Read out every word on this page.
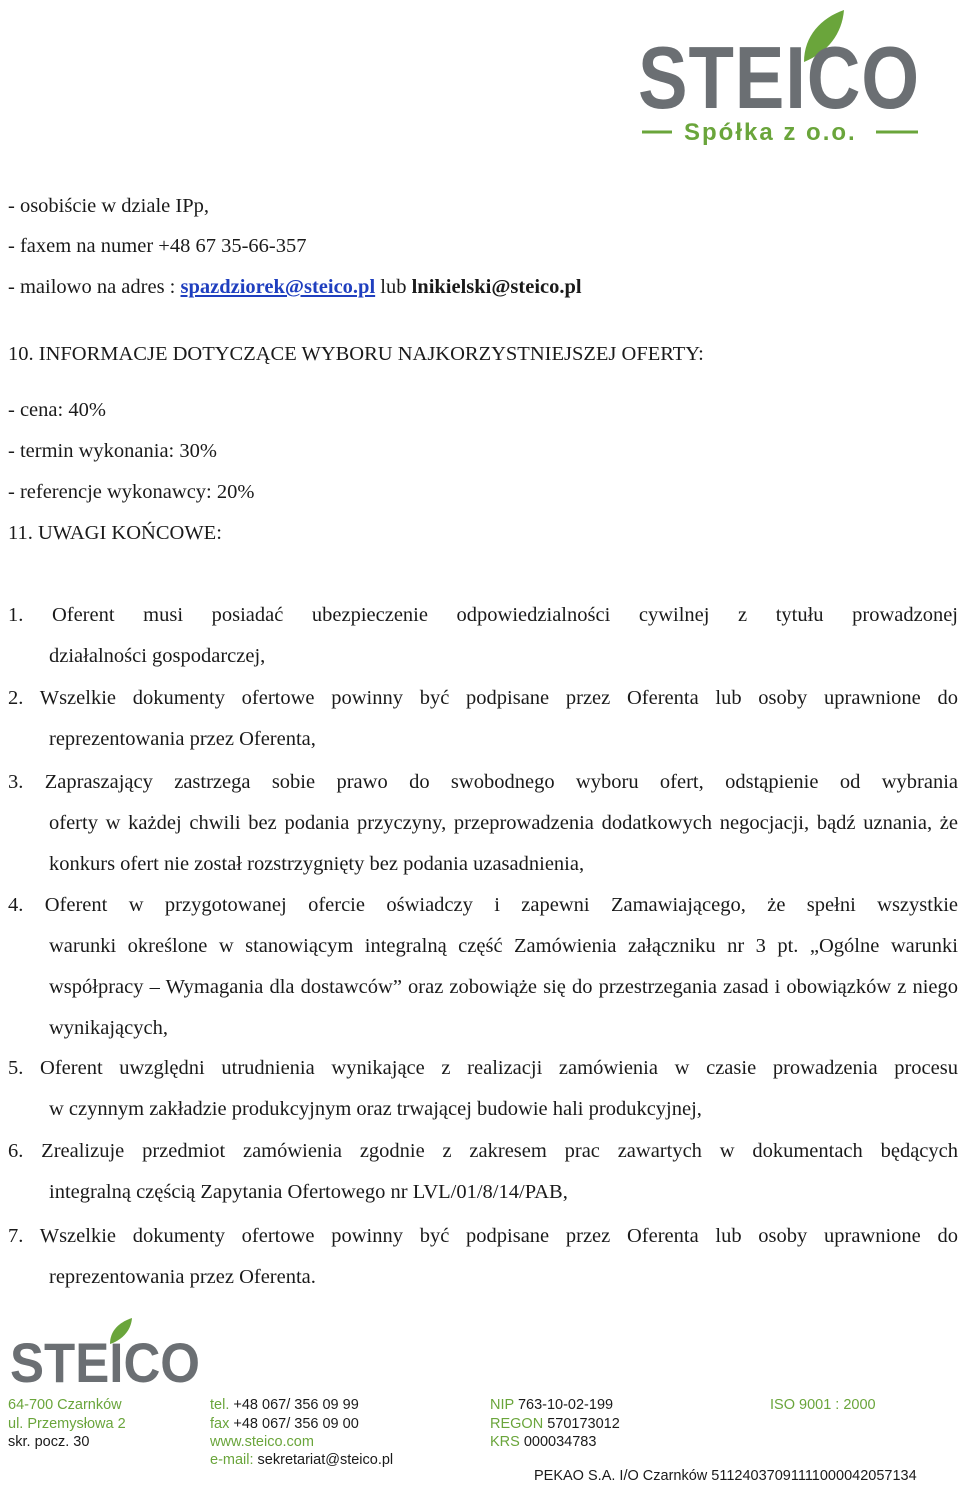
STEICO
Spółka z o.o.
- osobiście w dziale IPp,
- faxem na numer +48 67 35-66-357
- mailowo na adres : spazdziorek@steico.pl lub lnikielski@steico.pl
10. INFORMACJE DOTYCZĄCE WYBORU NAJKORZYSTNIEJSZEJ OFERTY:
- cena: 40%
- termin wykonania: 30%
- referencje wykonawcy: 20%
11. UWAGI KOŃCOWE:
1. Oferent musi posiadać ubezpieczenie odpowiedzialności cywilnej z tytułu prowadzonej
działalności gospodarczej,
2. Wszelkie dokumenty ofertowe powinny być podpisane przez Oferenta lub osoby uprawnione do
reprezentowania przez Oferenta,
3. Zapraszający zastrzega sobie prawo do swobodnego wyboru ofert, odstąpienie od wybrania
oferty w każdej chwili bez podania przyczyny, przeprowadzenia dodatkowych negocjacji, bądź uznania, że konkurs ofert nie został rozstrzygnięty bez podania uzasadnienia,
4. Oferent w przygotowanej ofercie oświadczy i zapewni Zamawiającego, że spełni wszystkie
warunki określone w stanowiącym integralną część Zamówienia załączniku nr 3 pt. „Ogólne warunki współpracy – Wymagania dla dostawców” oraz zobowiąże się do przestrzegania zasad i obowiązków z niego wynikających,
5. Oferent uwzględni utrudnienia wynikające z realizacji zamówienia w czasie prowadzenia procesu
w czynnym zakładzie produkcyjnym oraz trwającej budowie hali produkcyjnej,
6. Zrealizuje przedmiot zamówienia zgodnie z zakresem prac zawartych w dokumentach będących
integralną częścią Zapytania Ofertowego nr LVL/01/8/14/PAB,
7. Wszelkie dokumenty ofertowe powinny być podpisane przez Oferenta lub osoby uprawnione do
reprezentowania przez Oferenta.
STEICO
64-700 Czarnków
ul. Przemysłowa 2
skr. pocz. 30
tel. +48 067/ 356 09 99
fax +48 067/ 356 09 00
www.steico.com
e-mail: sekretariat@steico.pl
NIP 763-10-02-199
REGON 570173012
KRS 000034783
ISO 9001 : 2000
PEKAO S.A. I/O Czarnków 51124037091111000042057134
